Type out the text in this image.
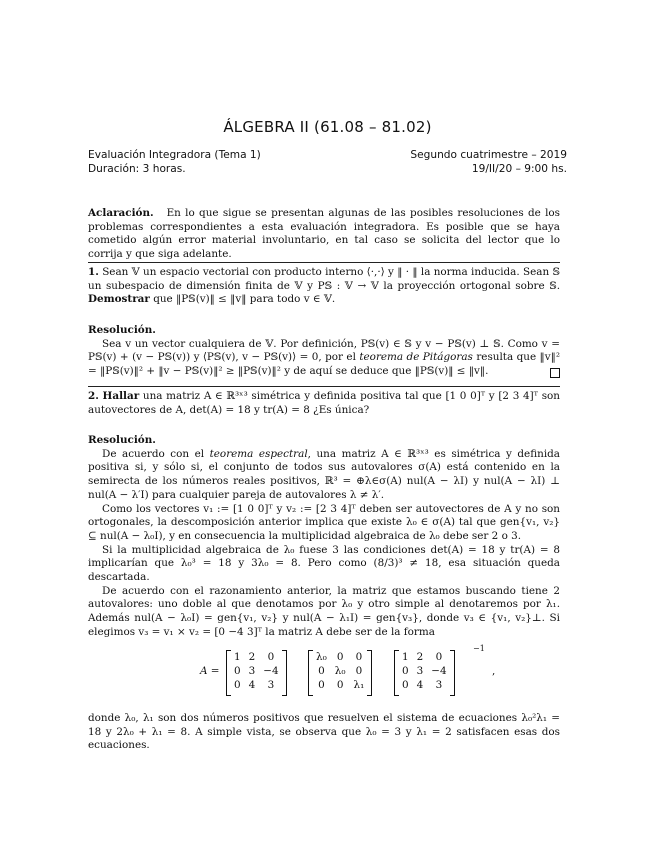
ÁLGEBRA II (61.08 – 81.02)
Evaluación Integradora (Tema 1)
Duración: 3 horas.
Segundo cuatrimestre – 2019
19/II/20 – 9:00 hs.
Aclaración. En lo que sigue se presentan algunas de las posibles resoluciones de los problemas correspondientes a esta evaluación integradora. Es posible que se haya cometido algún error material involuntario, en tal caso se solicita del lector que lo corrija y que siga adelante.
1. Sean 𝕍 un espacio vectorial con producto interno ⟨·,·⟩ y ‖ · ‖ la norma inducida. Sean 𝕊 un subespacio de dimensión finita de 𝕍 y P𝕊 : 𝕍 → 𝕍 la proyección ortogonal sobre 𝕊. Demostrar que ‖P𝕊(v)‖ ≤ ‖v‖ para todo v ∈ 𝕍.
Resolución.
Sea v un vector cualquiera de 𝕍. Por definición, P𝕊(v) ∈ 𝕊 y v − P𝕊(v) ⊥ 𝕊. Como v = P𝕊(v) + (v − P𝕊(v)) y ⟨P𝕊(v), v − P𝕊(v)⟩ = 0, por el teorema de Pitágoras resulta que ‖v‖² = ‖P𝕊(v)‖² + ‖v − P𝕊(v)‖² ≥ ‖P𝕊(v)‖² y de aquí se deduce que ‖P𝕊(v)‖ ≤ ‖v‖.
2. Hallar una matriz A ∈ ℝ³ˣ³ simétrica y definida positiva tal que [1 0 0]ᵀ y [2 3 4]ᵀ son autovectores de A, det(A) = 18 y tr(A) = 8 ¿Es única?
Resolución.
De acuerdo con el teorema espectral, una matriz A ∈ ℝ³ˣ³ es simétrica y definida positiva si, y sólo si, el conjunto de todos sus autovalores σ(A) está contenido en la semirecta de los números reales positivos, ℝ³ = ⊕λ∈σ(A) nul(A − λI) y nul(A − λI) ⊥ nul(A − λ′I) para cualquier pareja de autovalores λ ≠ λ′.
Como los vectores v₁ := [1 0 0]ᵀ y v₂ := [2 3 4]ᵀ deben ser autovectores de A y no son ortogonales, la descomposición anterior implica que existe λ₀ ∈ σ(A) tal que gen{v₁, v₂} ⊆ nul(A − λ₀I), y en consecuencia la multiplicidad algebraica de λ₀ debe ser 2 o 3.
Si la multiplicidad algebraica de λ₀ fuese 3 las condiciones det(A) = 18 y tr(A) = 8 implicarían que λ₀³ = 18 y 3λ₀ = 8. Pero como (8/3)³ ≠ 18, esa situación queda descartada.
De acuerdo con el razonamiento anterior, la matriz que estamos buscando tiene 2 autovalores: uno doble al que denotamos por λ₀ y otro simple al denotaremos por λ₁. Además nul(A − λ₀I) = gen{v₁, v₂} y nul(A − λ₁I) = gen{v₃}, donde v₃ ∈ {v₁, v₂}⊥. Si elegimos v₃ = v₁ × v₂ = [0 −4 3]ᵀ la matriz A debe ser de la forma
A =
1	2	0
0	3	−4
0	4	3
λ₀	0	0
0	λ₀	0
0	0	λ₁
1	2	0
0	3	−4
0	4	3
−1
,
donde λ₀, λ₁ son dos números positivos que resuelven el sistema de ecuaciones λ₀²λ₁ = 18 y 2λ₀ + λ₁ = 8. A simple vista, se observa que λ₀ = 3 y λ₁ = 2 satisfacen esas dos ecuaciones.
